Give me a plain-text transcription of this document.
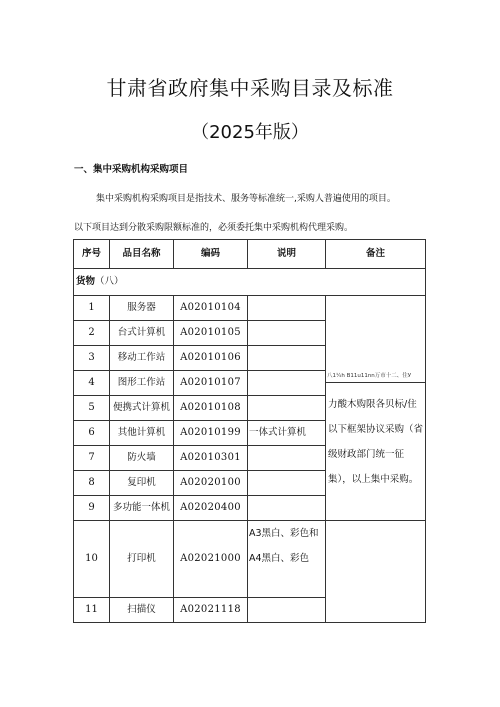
甘肃省政府集中采购目录及标准
（2025年版）
一、集中采购机构采购项目
集中采购机构采购项目是指技术、服务等标准统一,采购人普遍使用的项目。
以下项目达到分散采购限额标准的，必须委托集中采购机构代理采购。
序号	品目名称	编码	说明	备注
货物（八）				
1	服务器	A02010104		八1¼h B11u11nn万市十二、住У
力酸木购限各贝标/住以下框架协议采购（省级财政部门统一征集），以上集中采购。

2	台式计算机	A02010105		
3	移动工作站	A02010106		
4	图形工作站	A02010107		
5	便携式计算机	A02010108		
6	其他计算机	A02010199	一体式计算机	
7	防火墙	A02010301		
8	复印机	A02020100		
9	多功能一体机	A02020400		
10	打印机	A02021000	A3黑白、彩色和A4黑白、彩色	
11	扫描仪	A02021118		
